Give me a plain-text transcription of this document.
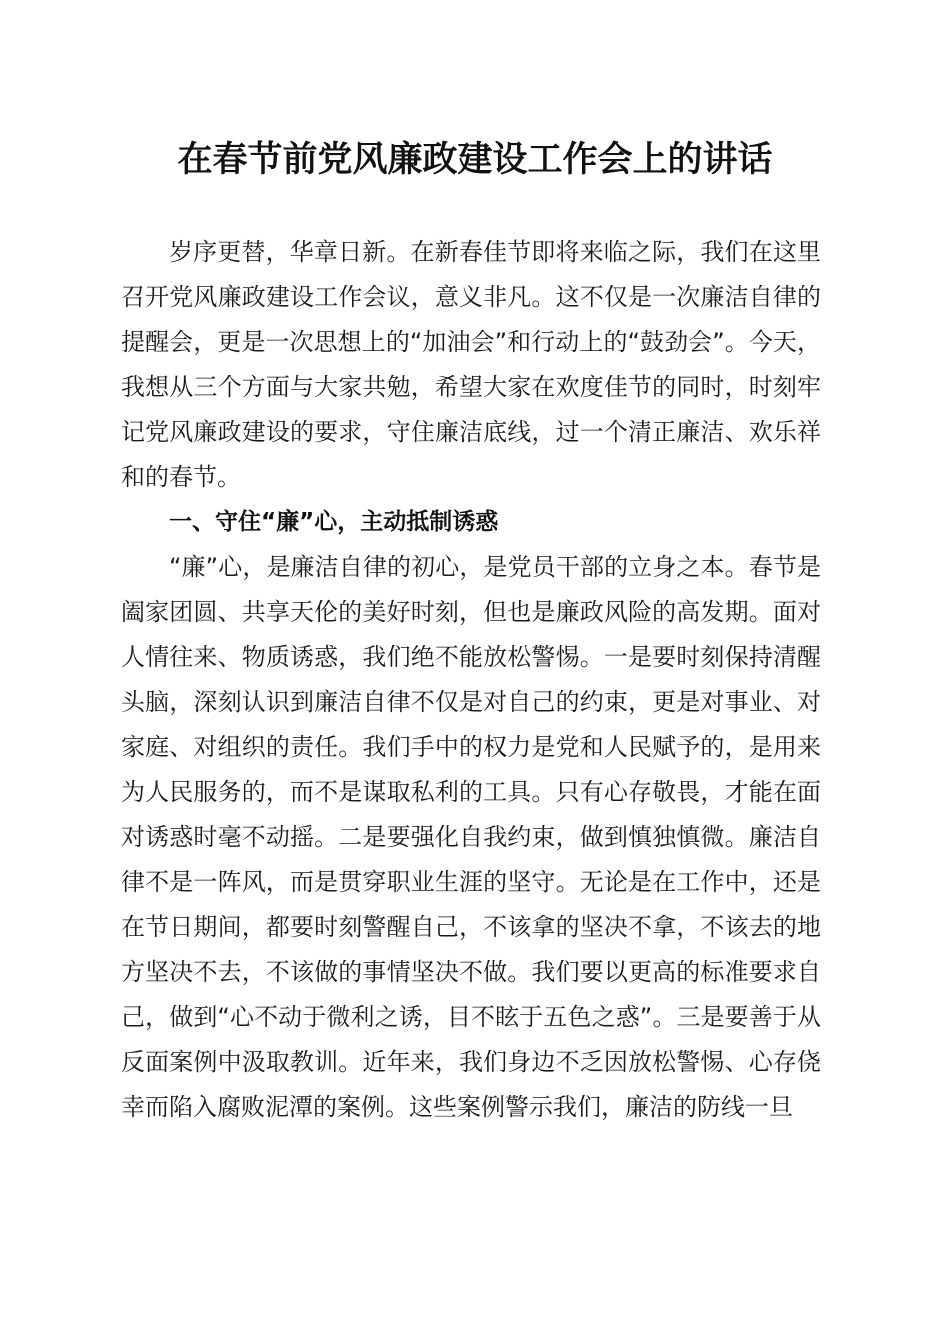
在春节前党风廉政建设工作会上的讲话

岁序更替，华章日新。在新春佳节即将来临之际，我们在这里召开党风廉政建设工作会议，意义非凡。这不仅是一次廉洁自律的提醒会，更是一次思想上的“加油会”和行动上的“鼓劲会”。今天，我想从三个方面与大家共勉，希望大家在欢度佳节的同时，时刻牢记党风廉政建设的要求，守住廉洁底线，过一个清正廉洁、欢乐祥和的春节。

一、守住“廉”心，主动抵制诱惑

“廉”心，是廉洁自律的初心，是党员干部的立身之本。春节是阖家团圆、共享天伦的美好时刻，但也是廉政风险的高发期。面对人情往来、物质诱惑，我们绝不能放松警惕。一是要时刻保持清醒头脑，深刻认识到廉洁自律不仅是对自己的约束，更是对事业、对家庭、对组织的责任。我们手中的权力是党和人民赋予的，是用来为人民服务的，而不是谋取私利的工具。只有心存敬畏，才能在面对诱惑时毫不动摇。二是要强化自我约束，做到慎独慎微。廉洁自律不是一阵风，而是贯穿职业生涯的坚守。无论是在工作中，还是在节日期间，都要时刻警醒自己，不该拿的坚决不拿，不该去的地方坚决不去，不该做的事情坚决不做。我们要以更高的标准要求自己，做到“心不动于微利之诱，目不眩于五色之惑”。三是要善于从反面案例中汲取教训。近年来，我们身边不乏因放松警惕、心存侥幸而陷入腐败泥潭的案例。这些案例警示我们，廉洁的防线一旦
